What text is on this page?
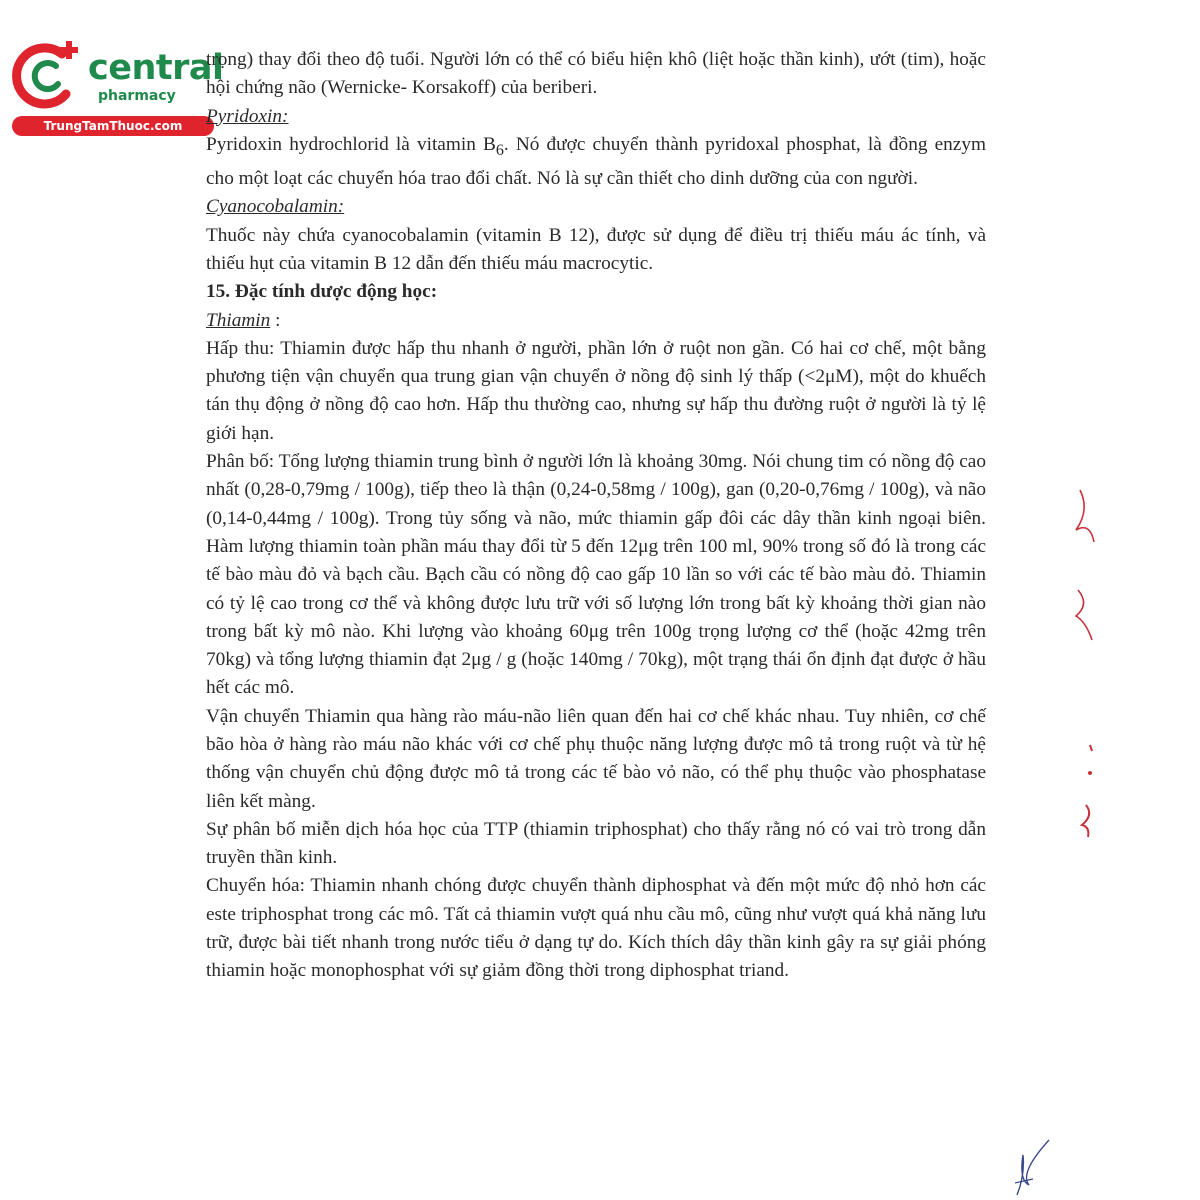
central
pharmacy
TrungTamThuoc.com

trọng) thay đổi theo độ tuổi. Người lớn có thể có biểu hiện khô (liệt hoặc thần kinh), ướt (tim), hoặc hội chứng não (Wernicke- Korsakoff) của beriberi.

Pyridoxin:

Pyridoxin hydrochlorid là vitamin $B_6$. Nó được chuyển thành pyridoxal phosphat, là đồng enzym cho một loạt các chuyển hóa trao đổi chất. Nó là sự cần thiết cho dinh dưỡng của con người.

Cyanocobalamin:

Thuốc này chứa cyanocobalamin (vitamin B 12), được sử dụng để điều trị thiếu máu ác tính, và thiếu hụt của vitamin B 12 dẫn đến thiếu máu macrocytic.

15. Đặc tính dược động học:

Thiamin :

Hấp thu: Thiamin được hấp thu nhanh ở người, phần lớn ở ruột non gần. Có hai cơ chế, một bằng phương tiện vận chuyển qua trung gian vận chuyển ở nồng độ sinh lý thấp (<2μM), một do khuếch tán thụ động ở nồng độ cao hơn. Hấp thu thường cao, nhưng sự hấp thu đường ruột ở người là tỷ lệ giới hạn.

Phân bố: Tổng lượng thiamin trung bình ở người lớn là khoảng 30mg. Nói chung tim có nồng độ cao nhất (0,28-0,79mg / 100g), tiếp theo là thận (0,24-0,58mg / 100g), gan (0,20-0,76mg / 100g), và não (0,14-0,44mg / 100g). Trong tủy sống và não, mức thiamin gấp đôi các dây thần kinh ngoại biên. Hàm lượng thiamin toàn phần máu thay đổi từ 5 đến 12μg trên 100 ml, 90% trong số đó là trong các tế bào màu đỏ và bạch cầu. Bạch cầu có nồng độ cao gấp 10 lần so với các tế bào màu đỏ. Thiamin có tỷ lệ cao trong cơ thể và không được lưu trữ với số lượng lớn trong bất kỳ khoảng thời gian nào trong bất kỳ mô nào. Khi lượng vào khoảng 60μg trên 100g trọng lượng cơ thể (hoặc 42mg trên 70kg) và tổng lượng thiamin đạt 2μg / g (hoặc 140mg / 70kg), một trạng thái ổn định đạt được ở hầu hết các mô.

Vận chuyển Thiamin qua hàng rào máu-não liên quan đến hai cơ chế khác nhau. Tuy nhiên, cơ chế bão hòa ở hàng rào máu não khác với cơ chế phụ thuộc năng lượng được mô tả trong ruột và từ hệ thống vận chuyển chủ động được mô tả trong các tế bào vỏ não, có thể phụ thuộc vào phosphatase liên kết màng.

Sự phân bố miễn dịch hóa học của TTP (thiamin triphosphat) cho thấy rằng nó có vai trò trong dẫn truyền thần kinh.

Chuyển hóa: Thiamin nhanh chóng được chuyển thành diphosphat và đến một mức độ nhỏ hơn các este triphosphat trong các mô. Tất cả thiamin vượt quá nhu cầu mô, cũng như vượt quá khả năng lưu trữ, được bài tiết nhanh trong nước tiểu ở dạng tự do. Kích thích dây thần kinh gây ra sự giải phóng thiamin hoặc monophosphat với sự giảm đồng thời trong diphosphat triand.
